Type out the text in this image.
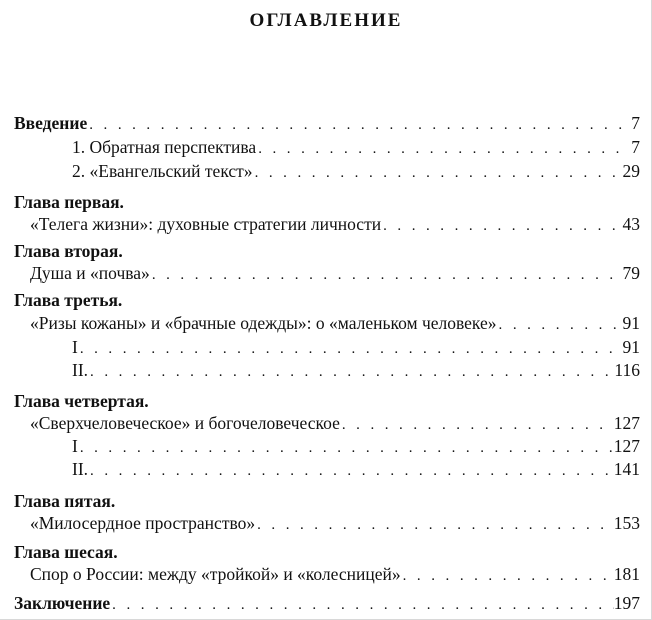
ОГЛАВЛЕНИЕ
Введение . . .	7
1. Обратная перспектива . . .	7
2. «Евангельский текст» . . .	29
Глава первая.
«Телега жизни»: духовные стратегии личности . . .	43
Глава вторая.
Душа и «почва» . . .	79
Глава третья.
«Ризы кожаны» и «брачные одежды»: о «маленьком человеке» . . .	91
I . . .	91
II. . . .	116
Глава четвертая.
«Сверхчеловеческое» и богочеловеческое . . .	127
I . . .	127
II. . . .	141
Глава пятая.
«Милосердное пространство» . . .	153
Глава шесая.
Спор о России: между «тройкой» и «колесницей» . . .	181
Заключение . . .	197
